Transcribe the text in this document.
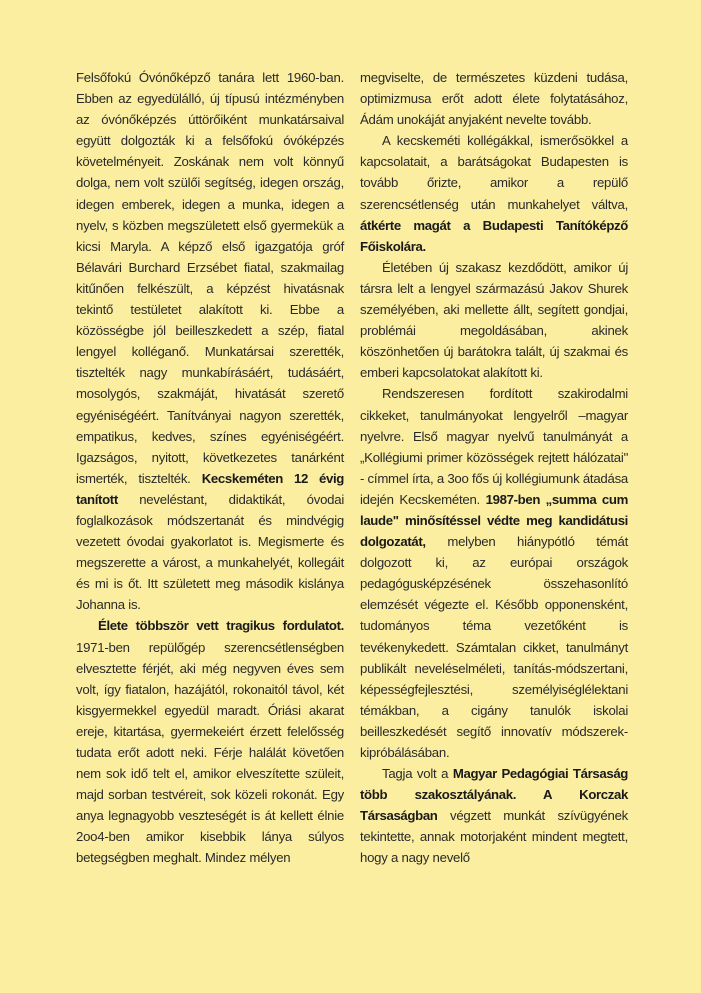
Felsőfokú Óvónőképző tanára lett 1960-ban. Ebben az egyedülálló, új típusú intézményben az óvónőképzés úttörőiként munkatársaival együtt dolgozták ki a felsőfokú óvóképzés követelményeit. Zoskának nem volt könnyű dolga, nem volt szülői segítség, idegen ország, idegen emberek, idegen a munka, idegen a nyelv, s közben megszületett első gyermekük a kicsi Maryla. A képző első igazgatója gróf Bélavári Burchard Erzsébet fiatal, szakmailag kitűnően felkészült, a képzést hivatásnak tekintő testületet alakított ki. Ebbe a közösségbe jól beilleszkedett a szép, fiatal lengyel kolléganő. Munkatársai szerették, tisztelték nagy munkabírásáért, tudásáért, mosolygós, szakmáját, hivatását szerető egyéniségéért. Tanítványai nagyon szerették, empatikus, kedves, színes egyéniségéért. Igazságos, nyitott, következetes tanárként ismerték, tisztelték. Kecskeméten 12 évig tanított neveléstant, didaktikát, óvodai foglalkozások módszertanát és mindvégig vezetett óvodai gyakorlatot is. Megismerte és megszerette a várost, a munkahelyét, kollegáit és mi is őt. Itt született meg második kislánya Johanna is.

Élete többször vett tragikus fordulatot. 1971-ben repülőgép szerencsétlenségben elvesztette férjét, aki még negyven éves sem volt, így fiatalon, hazájától, rokonaitól távol, két kisgyermekkel egyedül maradt. Óriási akarat ereje, kitartása, gyermekeiért érzett felelősség tudata erőt adott neki. Férje halálát követően nem sok idő telt el, amikor elveszítette szüleit, majd sorban testvéreit, sok közeli rokonát. Egy anya legnagyobb veszteségét is át kellett élnie 2oo4-ben amikor kisebbik lánya súlyos betegségben meghalt. Mindez mélyen

megviselte, de természetes küzdeni tudása, optimizmusa erőt adott élete folytatásához, Ádám unokáját anyjaként nevelte tovább.

A kecskeméti kollégákkal, ismerősökkel a kapcsolatait, a barátságokat Budapesten is tovább őrizte, amikor a repülő szerencsétlenség után munkahelyet váltva, átkérte magát a Budapesti Tanítóképző Főiskolára.

Életében új szakasz kezdődött, amikor új társra lelt a lengyel származású Jakov Shurek személyében, aki mellette állt, segített gondjai, problémái megoldásában, akinek köszönhetően új barátokra talált, új szakmai és emberi kapcsolatokat alakított ki.

Rendszeresen fordított szakirodalmi cikkeket, tanulmányokat lengyelről –magyar nyelvre. Első magyar nyelvű tanulmányát a „Kollégiumi primer közösségek rejtett hálózatai" - címmel írta, a 3oo fős új kollégiumunk átadása idején Kecskeméten. 1987-ben „summa cum laude" minősítéssel védte meg kandidátusi dolgozatát, melyben hiánypótló témát dolgozott ki, az európai országok pedagógusképzésének összehasonlító elemzését végezte el. Később opponensként, tudományos téma vezetőként is tevékenykedett. Számtalan cikket, tanulmányt publikált neveléselméleti, tanítás-módszertani, képességfejlesztési, személyiséglélektani témákban, a cigány tanulók iskolai beilleszkedését segítő innovatív módszerek-kipróbálásában.

Tagja volt a Magyar Pedagógiai Társaság több szakosztályának. A Korczak Társaságban végzett munkát szívügyének tekintette, annak motorjaként mindent megtett, hogy a nagy nevelő
